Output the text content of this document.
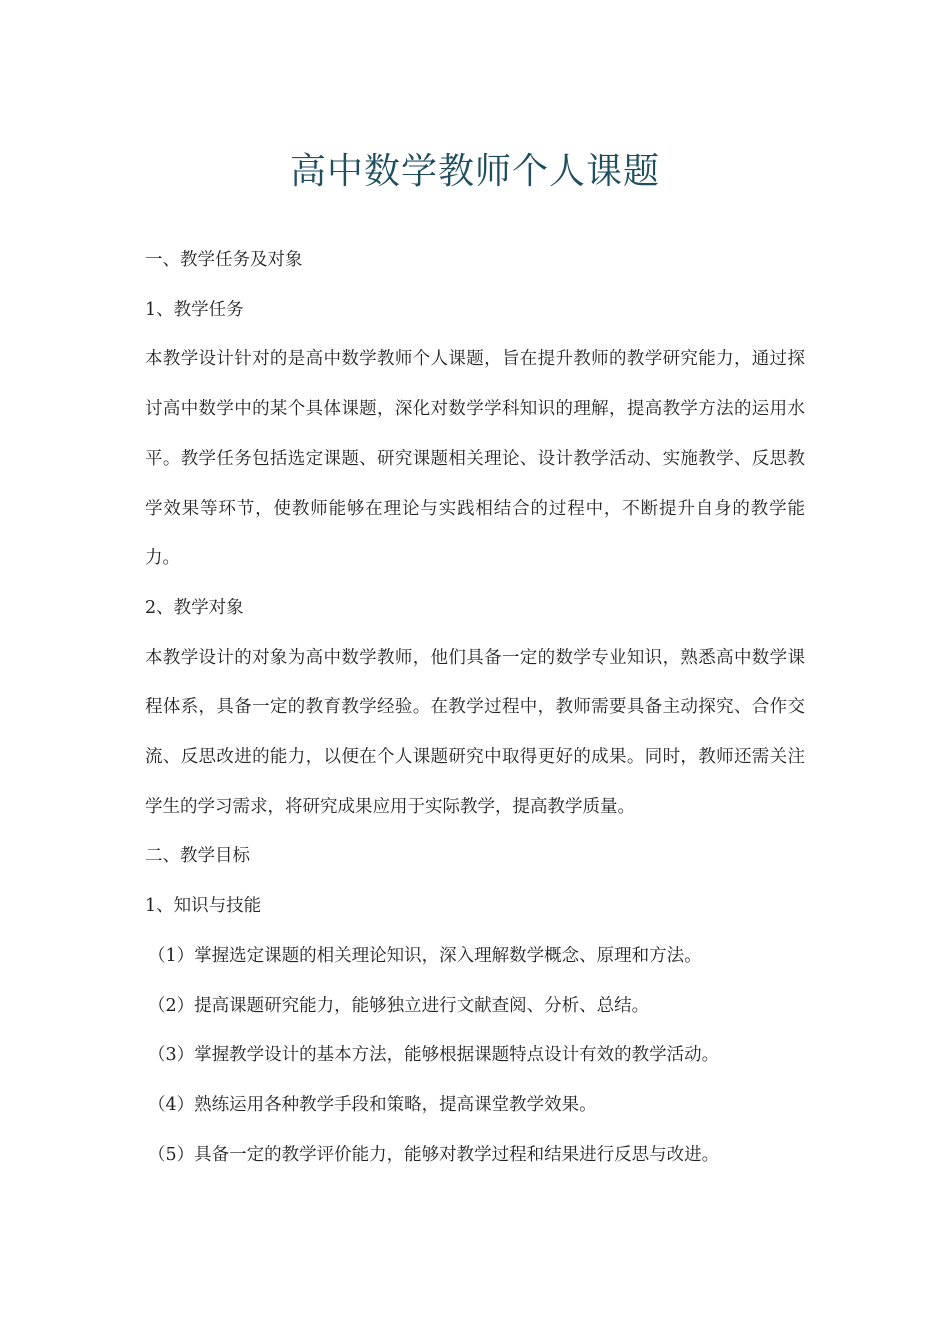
高中数学教师个人课题

一、教学任务及对象

1、教学任务

本教学设计针对的是高中数学教师个人课题，旨在提升教师的教学研究能力，通过探讨高中数学中的某个具体课题，深化对数学学科知识的理解，提高教学方法的运用水平。教学任务包括选定课题、研究课题相关理论、设计教学活动、实施教学、反思教学效果等环节，使教师能够在理论与实践相结合的过程中，不断提升自身的教学能力。

2、教学对象

本教学设计的对象为高中数学教师，他们具备一定的数学专业知识，熟悉高中数学课程体系，具备一定的教育教学经验。在教学过程中，教师需要具备主动探究、合作交流、反思改进的能力，以便在个人课题研究中取得更好的成果。同时，教师还需关注学生的学习需求，将研究成果应用于实际教学，提高教学质量。

二、教学目标

1、知识与技能

（1）掌握选定课题的相关理论知识，深入理解数学概念、原理和方法。

（2）提高课题研究能力，能够独立进行文献查阅、分析、总结。

（3）掌握教学设计的基本方法，能够根据课题特点设计有效的教学活动。

（4）熟练运用各种教学手段和策略，提高课堂教学效果。

（5）具备一定的教学评价能力，能够对教学过程和结果进行反思与改进。
